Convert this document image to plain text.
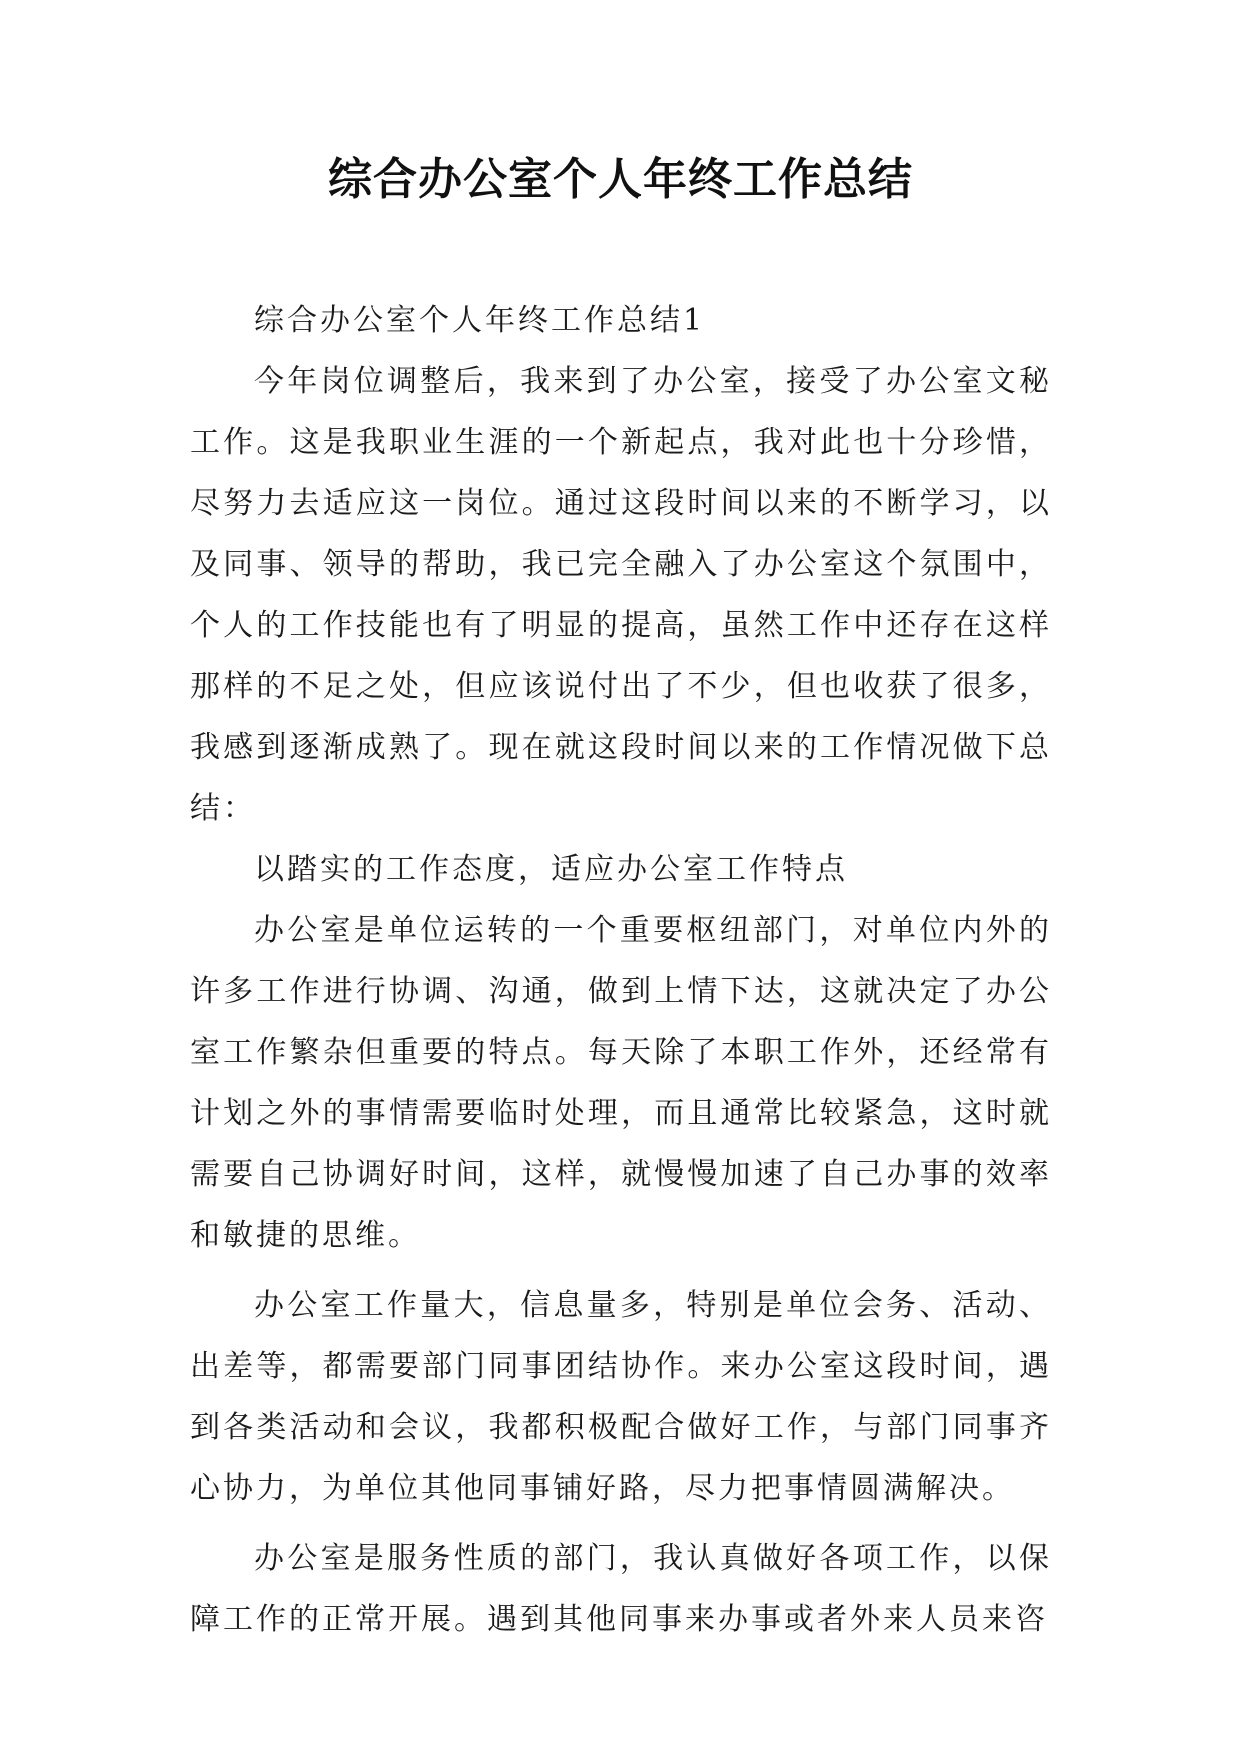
综合办公室个人年终工作总结

综合办公室个人年终工作总结1

今年岗位调整后，我来到了办公室，接受了办公室文秘工作。这是我职业生涯的一个新起点，我对此也十分珍惜，尽努力去适应这一岗位。通过这段时间以来的不断学习，以及同事、领导的帮助，我已完全融入了办公室这个氛围中，个人的工作技能也有了明显的提高，虽然工作中还存在这样那样的不足之处，但应该说付出了不少，但也收获了很多，我感到逐渐成熟了。现在就这段时间以来的工作情况做下总结：

以踏实的工作态度，适应办公室工作特点

办公室是单位运转的一个重要枢纽部门，对单位内外的许多工作进行协调、沟通，做到上情下达，这就决定了办公室工作繁杂但重要的特点。每天除了本职工作外，还经常有计划之外的事情需要临时处理，而且通常比较紧急，这时就需要自己协调好时间，这样，就慢慢加速了自己办事的效率和敏捷的思维。

办公室工作量大，信息量多，特别是单位会务、活动、出差等，都需要部门同事团结协作。来办公室这段时间，遇到各类活动和会议，我都积极配合做好工作，与部门同事齐心协力，为单位其他同事铺好路，尽力把事情圆满解决。

办公室是服务性质的部门，我认真做好各项工作，以保障工作的正常开展。遇到其他同事来办事或者外来人员来咨
